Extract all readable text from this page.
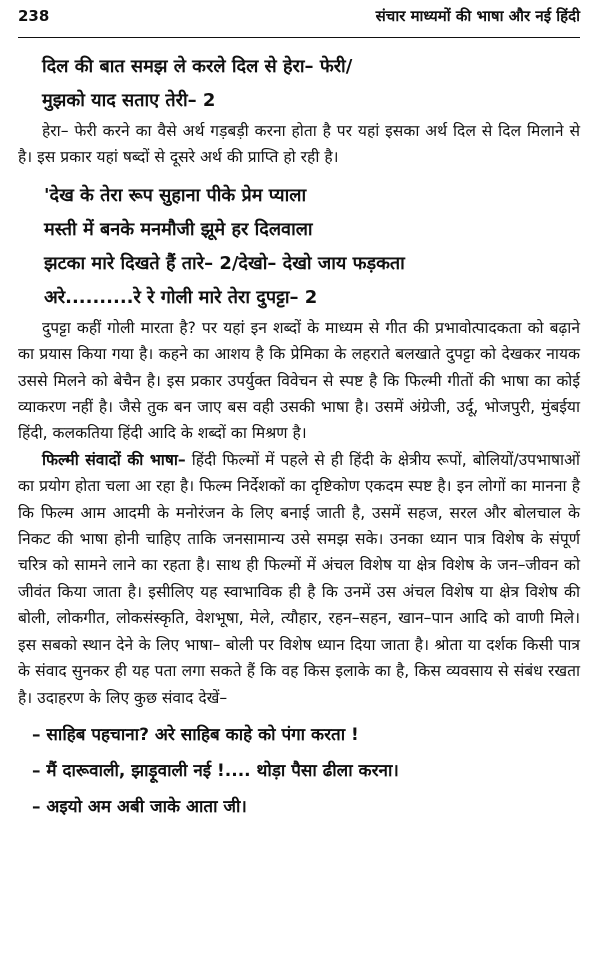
238	संचार माध्यमों की भाषा और नई हिंदी

दिल की बात समझ ले करले दिल से हेरा– फेरी/

मुझको याद सताए तेरी– 2

हेरा– फेरी करने का वैसे अर्थ गड़बड़ी करना होता है पर यहां इसका अर्थ दिल से दिल मिलाने से है। इस प्रकार यहां षब्दों से दूसरे अर्थ की प्राप्ति हो रही है।

'देख के तेरा रूप सुहाना पीके प्रेम प्याला

मस्ती में बनके मनमौजी झूमे हर दिलवाला

झटका मारे दिखते हैं तारे– 2/देखो– देखो जाय फड़कता

अरे..........रे रे गोली मारे तेरा दुपट्टा– 2

दुपट्टा कहीं गोली मारता है? पर यहां इन शब्दों के माध्यम से गीत की प्रभावोत्पादकता को बढ़ाने का प्रयास किया गया है। कहने का आशय है कि प्रेमिका के लहराते बलखाते दुपट्टा को देखकर नायक उससे मिलने को बेचैन है। इस प्रकार उपर्युक्त विवेचन से स्पष्ट है कि फिल्मी गीतों की भाषा का कोई व्याकरण नहीं है। जैसे तुक बन जाए बस वही उसकी भाषा है। उसमें अंग्रेजी, उर्दू, भोजपुरी, मुंबईया हिंदी, कलकतिया हिंदी आदि के शब्दों का मिश्रण है।

फिल्मी संवादों की भाषा– हिंदी फिल्मों में पहले से ही हिंदी के क्षेत्रीय रूपों, बोलियों/उपभाषाओं का प्रयोग होता चला आ रहा है। फिल्म निर्देशकों का दृष्टिकोण एकदम स्पष्ट है। इन लोगों का मानना है कि फिल्म आम आदमी के मनोरंजन के लिए बनाई जाती है, उसमें सहज, सरल और बोलचाल के निकट की भाषा होनी चाहिए ताकि जनसामान्य उसे समझ सके। उनका ध्यान पात्र विशेष के संपूर्ण चरित्र को सामने लाने का रहता है। साथ ही फिल्मों में अंचल विशेष या क्षेत्र विशेष के जन–जीवन को जीवंत किया जाता है। इसीलिए यह स्वाभाविक ही है कि उनमें उस अंचल विशेष या क्षेत्र विशेष की बोली, लोकगीत, लोकसंस्कृति, वेशभूषा, मेले, त्यौहार, रहन–सहन, खान–पान आदि को वाणी मिले। इस सबको स्थान देने के लिए भाषा– बोली पर विशेष ध्यान दिया जाता है। श्रोता या दर्शक किसी पात्र के संवाद सुनकर ही यह पता लगा सकते हैं कि वह किस इलाके का है, किस व्यवसाय से संबंध रखता है। उदाहरण के लिए कुछ संवाद देखें–

– साहिब पहचाना? अरे साहिब काहे को पंगा करता !
– मैं दारूवाली, झाड़ूवाली नई !.... थोड़ा पैसा ढीला करना।
– अइयो अम अबी जाके आता जी।
